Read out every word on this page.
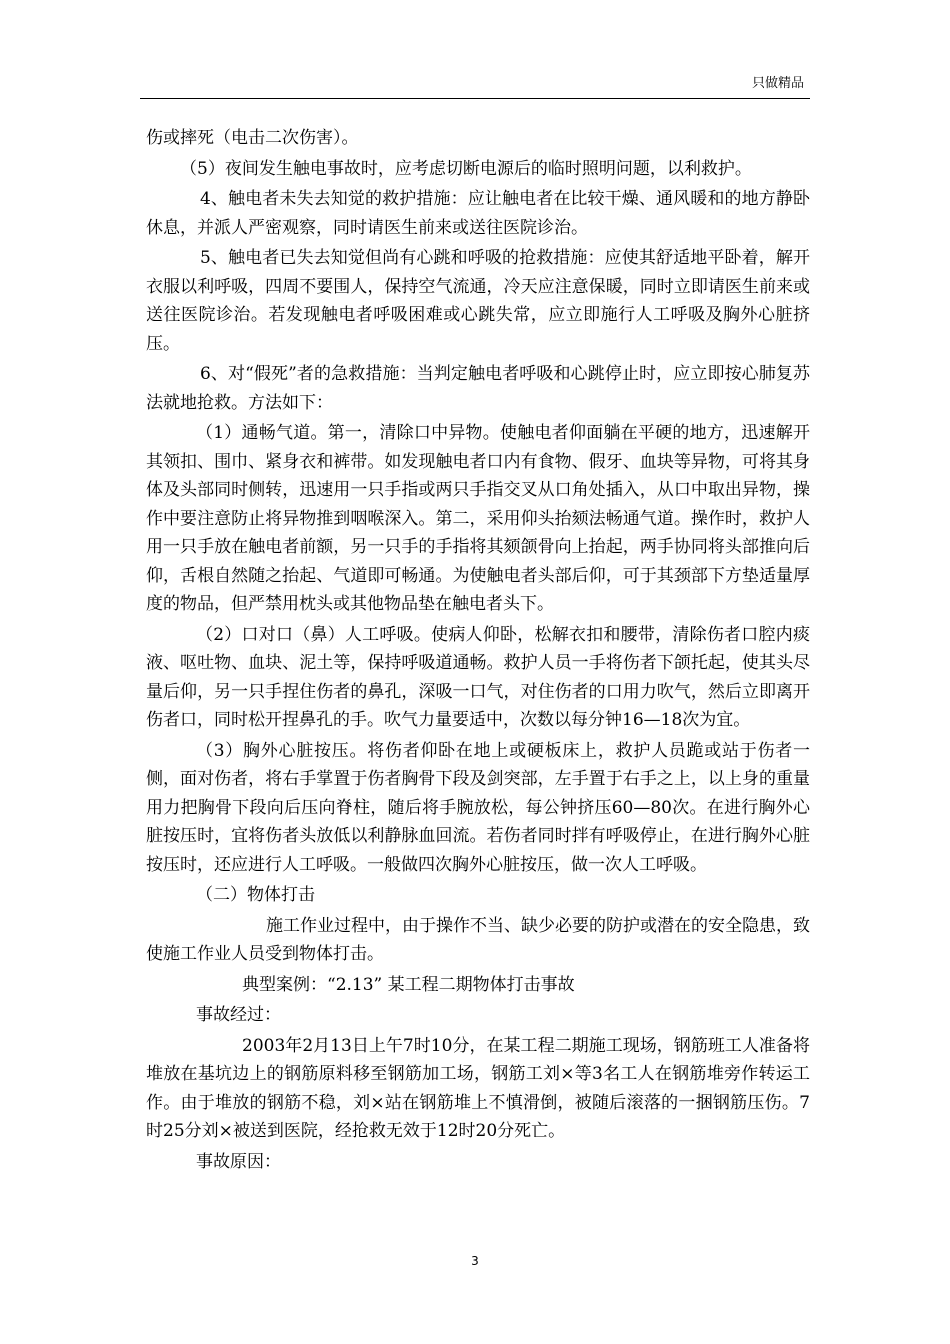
只做精品

伤或摔死（电击二次伤害）。

（5）夜间发生触电事故时，应考虑切断电源后的临时照明问题，以利救护。

4、触电者未失去知觉的救护措施：应让触电者在比较干燥、通风暖和的地方静卧休息，并派人严密观察，同时请医生前来或送往医院诊治。

5、触电者已失去知觉但尚有心跳和呼吸的抢救措施：应使其舒适地平卧着，解开衣服以利呼吸，四周不要围人，保持空气流通，冷天应注意保暖，同时立即请医生前来或送往医院诊治。若发现触电者呼吸困难或心跳失常，应立即施行人工呼吸及胸外心脏挤压。

6、对“假死”者的急救措施：当判定触电者呼吸和心跳停止时，应立即按心肺复苏法就地抢救。方法如下：

（1）通畅气道。第一，清除口中异物。使触电者仰面躺在平硬的地方，迅速解开其领扣、围巾、紧身衣和裤带。如发现触电者口内有食物、假牙、血块等异物，可将其身体及头部同时侧转，迅速用一只手指或两只手指交叉从口角处插入，从口中取出异物，操作中要注意防止将异物推到咽喉深入。第二，采用仰头抬颏法畅通气道。操作时，救护人用一只手放在触电者前额，另一只手的手指将其颏颌骨向上抬起，两手协同将头部推向后仰，舌根自然随之抬起、气道即可畅通。为使触电者头部后仰，可于其颈部下方垫适量厚度的物品，但严禁用枕头或其他物品垫在触电者头下。

（2）口对口（鼻）人工呼吸。使病人仰卧，松解衣扣和腰带，清除伤者口腔内痰液、呕吐物、血块、泥土等，保持呼吸道通畅。救护人员一手将伤者下颌托起，使其头尽量后仰，另一只手捏住伤者的鼻孔，深吸一口气，对住伤者的口用力吹气，然后立即离开伤者口，同时松开捏鼻孔的手。吹气力量要适中，次数以每分钟16—18次为宜。

（3）胸外心脏按压。将伤者仰卧在地上或硬板床上，救护人员跪或站于伤者一侧，面对伤者，将右手掌置于伤者胸骨下段及剑突部，左手置于右手之上，以上身的重量用力把胸骨下段向后压向脊柱，随后将手腕放松，每公钟挤压60—80次。在进行胸外心脏按压时，宜将伤者头放低以利静脉血回流。若伤者同时拌有呼吸停止，在进行胸外心脏按压时，还应进行人工呼吸。一般做四次胸外心脏按压，做一次人工呼吸。

（二）物体打击

施工作业过程中，由于操作不当、缺少必要的防护或潜在的安全隐患，致使施工作业人员受到物体打击。

典型案例：“2.13” 某工程二期物体打击事故

事故经过：

2003年2月13日上午7时10分，在某工程二期施工现场，钢筋班工人准备将堆放在基坑边上的钢筋原料移至钢筋加工场，钢筋工刘×等3名工人在钢筋堆旁作转运工作。由于堆放的钢筋不稳，刘×站在钢筋堆上不慎滑倒，被随后滚落的一捆钢筋压伤。7时25分刘×被送到医院，经抢救无效于12时20分死亡。

事故原因：

3
